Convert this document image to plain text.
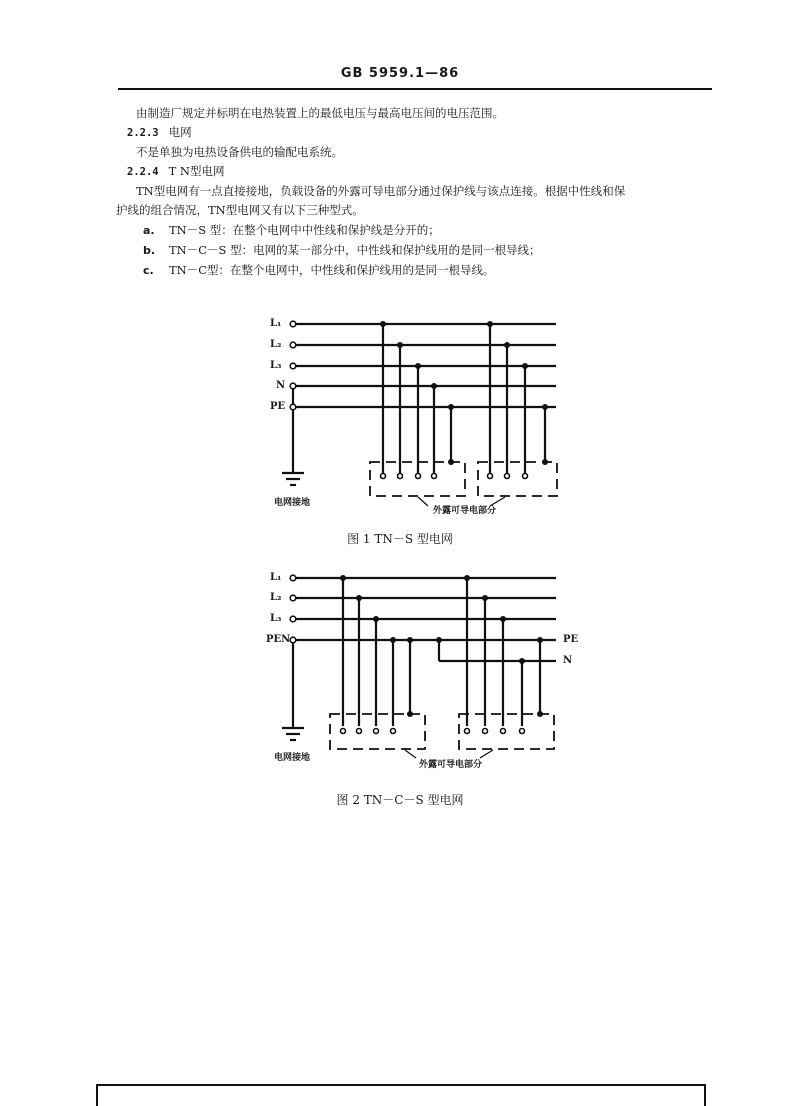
GB 5959.1—86
由制造厂规定并标明在电热装置上的最低电压与最高电压间的电压范围。
2.2.3 电网
不是单独为电热设备供电的输配电系统。
2.2.4 T N型电网
TN型电网有一点直接接地，负载设备的外露可导电部分通过保护线与该点连接。根据中性线和保
护线的组合情况，TN型电网又有以下三种型式。
a. TN－S 型：在整个电网中中性线和保护线是分开的；
b. TN－C－S 型：电网的某一部分中，中性线和保护线用的是同一根导线；
c. TN－C型：在整个电网中，中性线和保护线用的是同一根导线。
L₁
L₂
L₃
N
PE
电网接地
外露可导电部分
图 1 TN－S 型电网
L₁
L₂
L₃
PEN	PE
N
电网接地
外露可导电部分
图 2 TN－C－S 型电网
